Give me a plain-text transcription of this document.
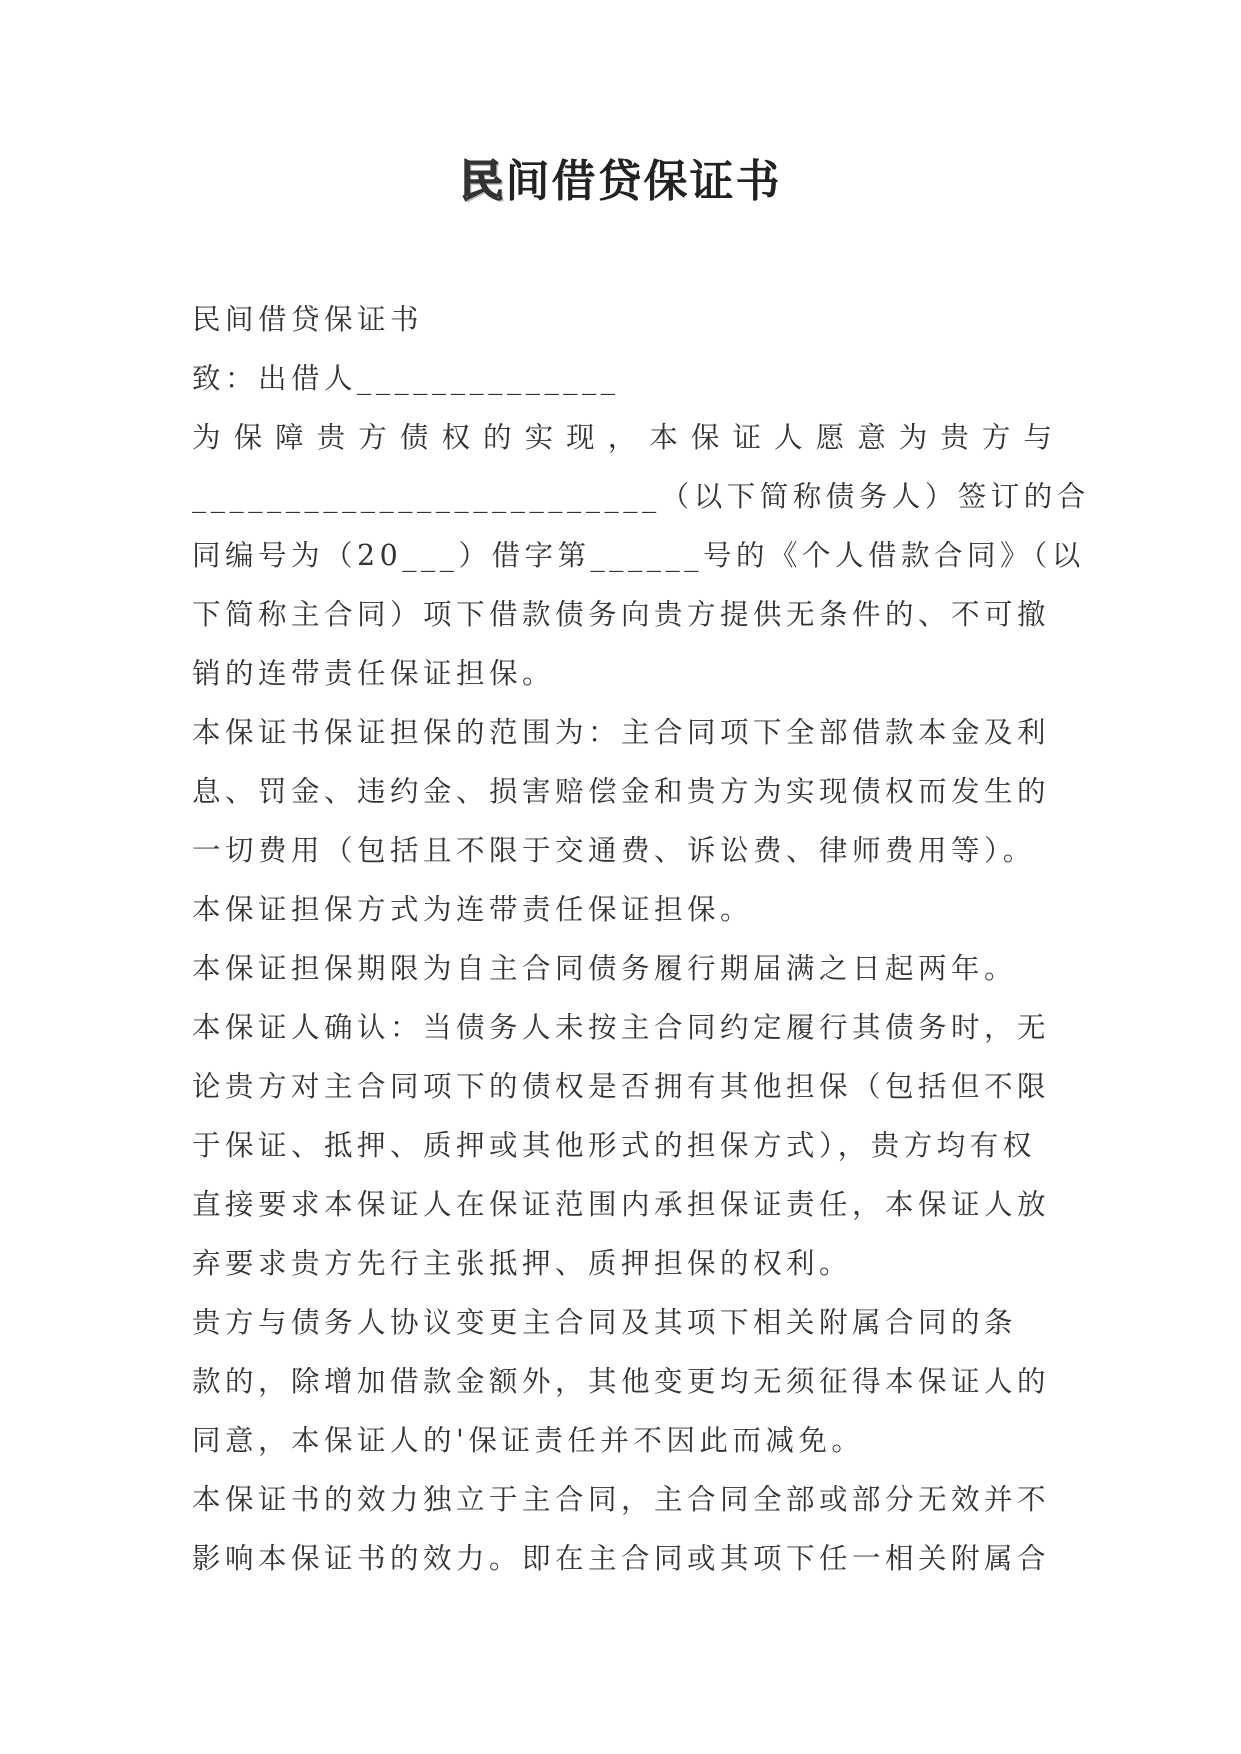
民间借贷保证书
民间借贷保证书
致：出借人______________
为保障贵方债权的实现，本保证人愿意为贵方与
_________________________（以下简称债务人）签订的合
同编号为（20___）借字第______号的《个人借款合同》（以
下简称主合同）项下借款债务向贵方提供无条件的、不可撤
销的连带责任保证担保。
本保证书保证担保的范围为：主合同项下全部借款本金及利
息、罚金、违约金、损害赔偿金和贵方为实现债权而发生的
一切费用（包括且不限于交通费、诉讼费、律师费用等）。
本保证担保方式为连带责任保证担保。
本保证担保期限为自主合同债务履行期届满之日起两年。
本保证人确认：当债务人未按主合同约定履行其债务时，无
论贵方对主合同项下的债权是否拥有其他担保（包括但不限
于保证、抵押、质押或其他形式的担保方式），贵方均有权
直接要求本保证人在保证范围内承担保证责任，本保证人放
弃要求贵方先行主张抵押、质押担保的权利。
贵方与债务人协议变更主合同及其项下相关附属合同的条
款的，除增加借款金额外，其他变更均无须征得本保证人的
同意，本保证人的'保证责任并不因此而减免。
本保证书的效力独立于主合同，主合同全部或部分无效并不
影响本保证书的效力。即在主合同或其项下任一相关附属合
